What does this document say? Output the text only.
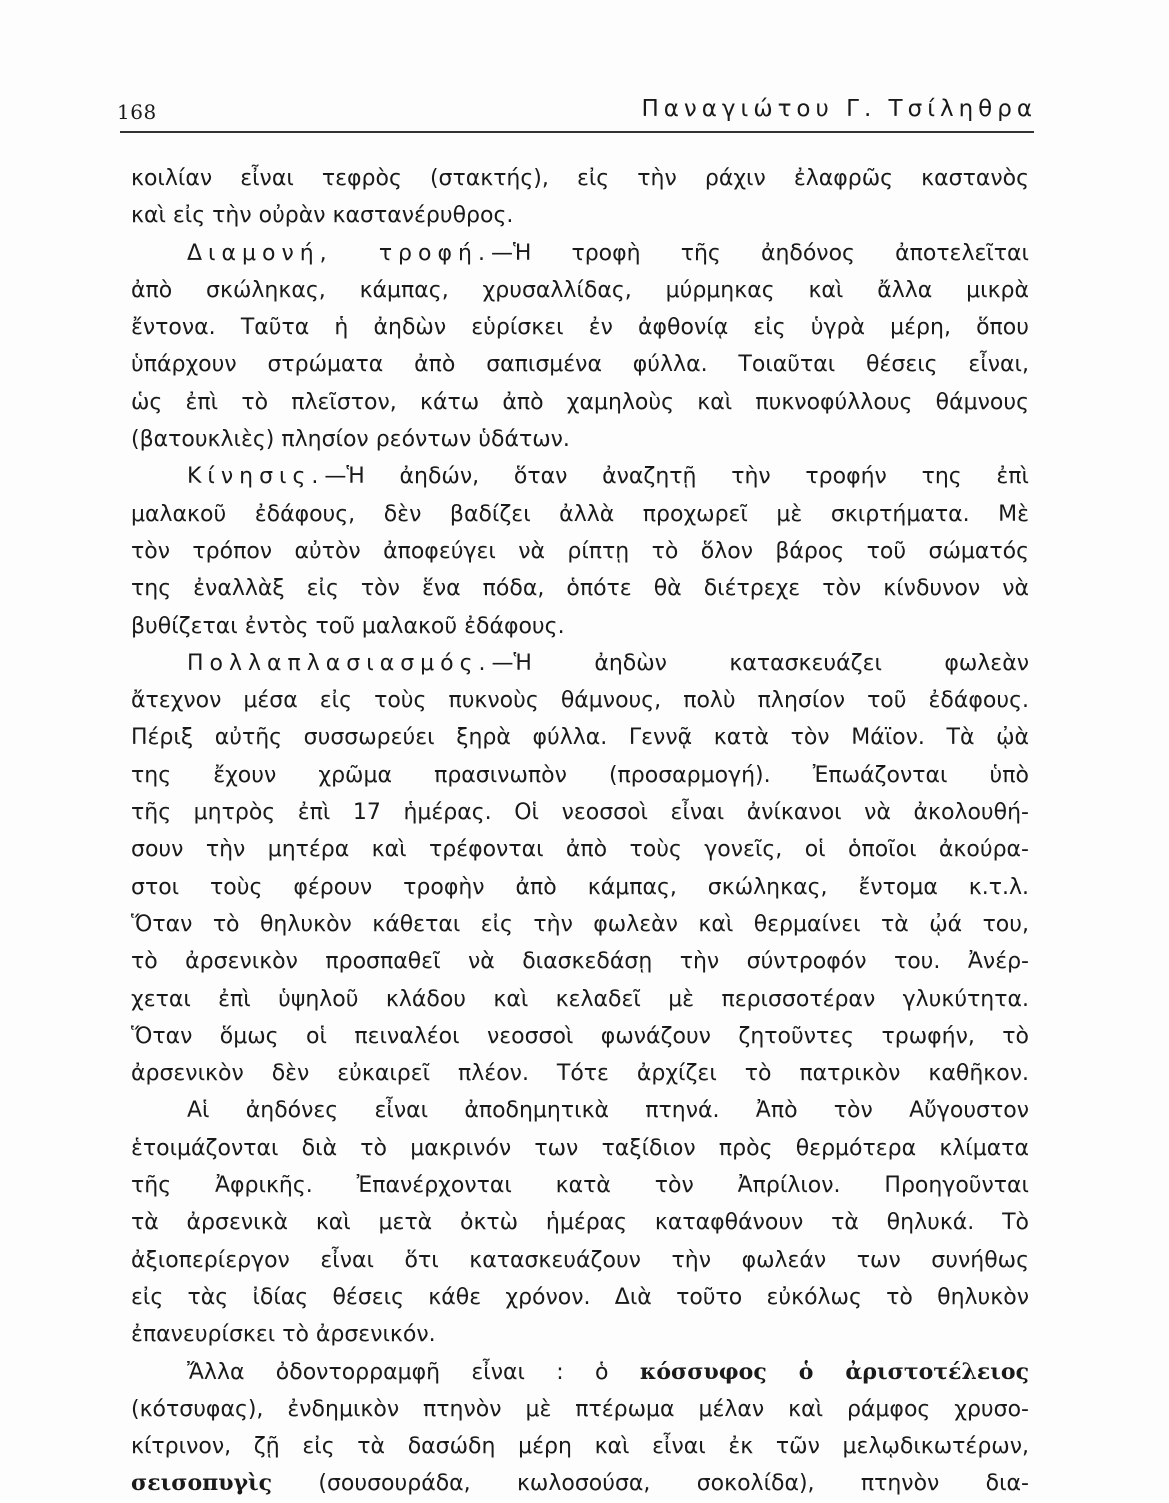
168	Παναγιώτου Γ. Τσίληθρα
κοιλίαν εἶναι τεφρὸς (στακτής), εἰς τὴν ράχιν ἐλαφρῶς καστανὸς
καὶ εἰς τὴν οὐρὰν καστανέρυθρος.
Διαμονή, τροφή.—Ἡ τροφὴ τῆς ἀηδόνος ἀποτελεῖται
ἀπὸ σκώληκας, κάμπας, χρυσαλλίδας, μύρμηκας καὶ ἄλλα μικρὰ
ἔντονα. Ταῦτα ἡ ἀηδὼν εὑρίσκει ἐν ἀφθονίᾳ εἰς ὑγρὰ μέρη, ὅπου
ὑπάρχουν στρώματα ἀπὸ σαπισμένα φύλλα. Τοιαῦται θέσεις εἶναι,
ὡς ἐπὶ τὸ πλεῖστον, κάτω ἀπὸ χαμηλοὺς καὶ πυκνοφύλλους θάμνους
(βατουκλιὲς) πλησίον ρεόντων ὑδάτων.
Κίνησις.—Ἡ ἀηδών, ὅταν ἀναζητῇ τὴν τροφήν της ἐπὶ
μαλακοῦ ἐδάφους, δὲν βαδίζει ἀλλὰ προχωρεῖ μὲ σκιρτήματα. Μὲ
τὸν τρόπον αὐτὸν ἀποφεύγει νὰ ρίπτῃ τὸ ὅλον βάρος τοῦ σώματός
της ἐναλλὰξ εἰς τὸν ἕνα πόδα, ὁπότε θὰ διέτρεχε τὸν κίνδυνον νὰ
βυθίζεται ἐντὸς τοῦ μαλακοῦ ἐδάφους.
Πολλαπλασιασμός.—Ἡ ἀηδὼν κατασκευάζει φωλεὰν
ἄτεχνον μέσα εἰς τοὺς πυκνοὺς θάμνους, πολὺ πλησίον τοῦ ἐδάφους.
Πέριξ αὐτῆς συσσωρεύει ξηρὰ φύλλα. Γεννᾷ κατὰ τὸν Μάϊον. Τὰ ᾠὰ
της ἔχουν χρῶμα πρασινωπὸν (προσαρμογή). Ἐπωάζονται ὑπὸ
τῆς μητρὸς ἐπὶ 17 ἡμέρας. Οἱ νεοσσοὶ εἶναι ἀνίκανοι νὰ ἀκολουθή-
σουν τὴν μητέρα καὶ τρέφονται ἀπὸ τοὺς γονεῖς, οἱ ὁποῖοι ἀκούρα-
στοι τοὺς φέρουν τροφὴν ἀπὸ κάμπας, σκώληκας, ἔντομα κ.τ.λ.
Ὅταν τὸ θηλυκὸν κάθεται εἰς τὴν φωλεὰν καὶ θερμαίνει τὰ ᾠά του,
τὸ ἀρσενικὸν προσπαθεῖ νὰ διασκεδάσῃ τὴν σύντροφόν του. Ἀνέρ-
χεται ἐπὶ ὑψηλοῦ κλάδου καὶ κελαδεῖ μὲ περισσοτέραν γλυκύτητα.
Ὅταν ὅμως οἱ πειναλέοι νεοσσοὶ φωνάζουν ζητοῦντες τρωφήν, τὸ
ἀρσενικὸν δὲν εὐκαιρεῖ πλέον. Τότε ἀρχίζει τὸ πατρικὸν καθῆκον.
Αἱ ἀηδόνες εἶναι ἀποδημητικὰ πτηνά. Ἀπὸ τὸν Αὔγουστον
ἑτοιμάζονται διὰ τὸ μακρινόν των ταξίδιον πρὸς θερμότερα κλίματα
τῆς Ἀφρικῆς. Ἐπανέρχονται κατὰ τὸν Ἀπρίλιον. Προηγοῦνται
τὰ ἀρσενικὰ καὶ μετὰ ὀκτὼ ἡμέρας καταφθάνουν τὰ θηλυκά. Τὸ
ἀξιοπερίεργον εἶναι ὅτι κατασκευάζουν τὴν φωλεάν των συνήθως
εἰς τὰς ἰδίας θέσεις κάθε χρόνον. Διὰ τοῦτο εὐκόλως τὸ θηλυκὸν
ἐπανευρίσκει τὸ ἀρσενικόν.
Ἄλλα ὀδοντορραμφῆ εἶναι : ὁ κόσσυφος ὁ ἀριστοτέλειος
(κότσυφας), ἐνδημικὸν πτηνὸν μὲ πτέρωμα μέλαν καὶ ράμφος χρυσο-
κίτρινον, ζῇ εἰς τὰ δασώδη μέρη καὶ εἶναι ἐκ τῶν μελῳδικωτέρων,
σεισοπυγὶς (σουσουράδα, κωλοσούσα, σοκολίδα), πτηνὸν δια-
